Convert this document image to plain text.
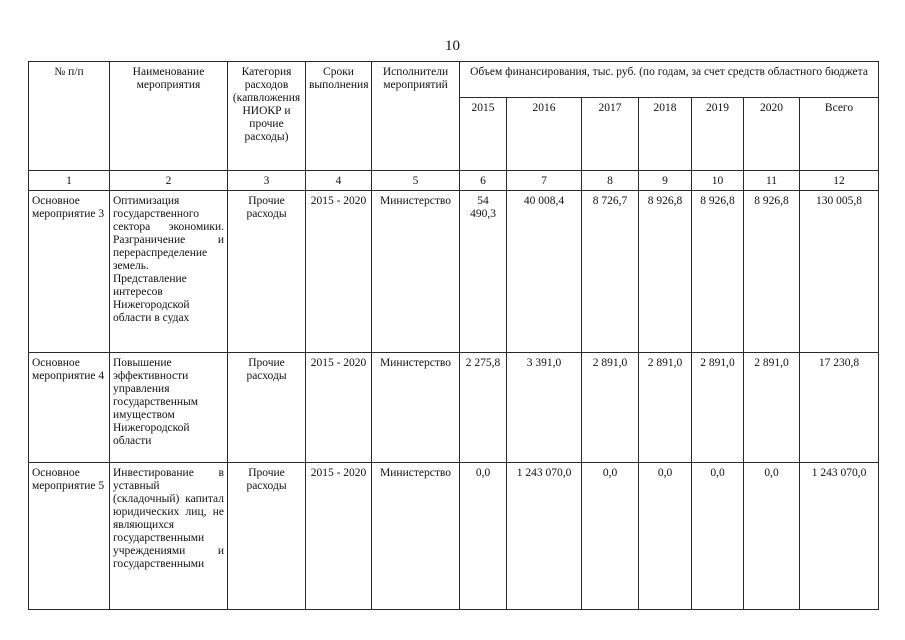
10
№ п/п	Наименование мероприятия	Категория расходов (капвложения НИОКР и прочие расходы)	Сроки выполнения	Исполнители мероприятий	Объем финансирования, тыс. руб. (по годам, за счет средств областного бюджета						
					2015	2016	2017	2018	2019	2020	Всего
1	2	3	4	5	6	7	8	9	10	11	12
Основное мероприятие 3	Оптимизация государственного сектора экономики. Разграничение и перераспределение земель. Представление интересов Нижегородской области в судах	Прочие расходы	2015 - 2020	Министерство	54 490,3	40 008,4	8 726,7	8 926,8	8 926,8	8 926,8	130 005,8
Основное мероприятие 4	Повышение эффективности управления государственным имуществом Нижегородской области	Прочие расходы	2015 - 2020	Министерство	2 275,8	3 391,0	2 891,0	2 891,0	2 891,0	2 891,0	17 230,8
Основное мероприятие 5	Инвестирование в уставный (складочный) капитал юридических лиц, не являющихся государственными учреждениями и государственными	Прочие расходы	2015 - 2020	Министерство	0,0	1 243 070,0	0,0	0,0	0,0	0,0	1 243 070,0
